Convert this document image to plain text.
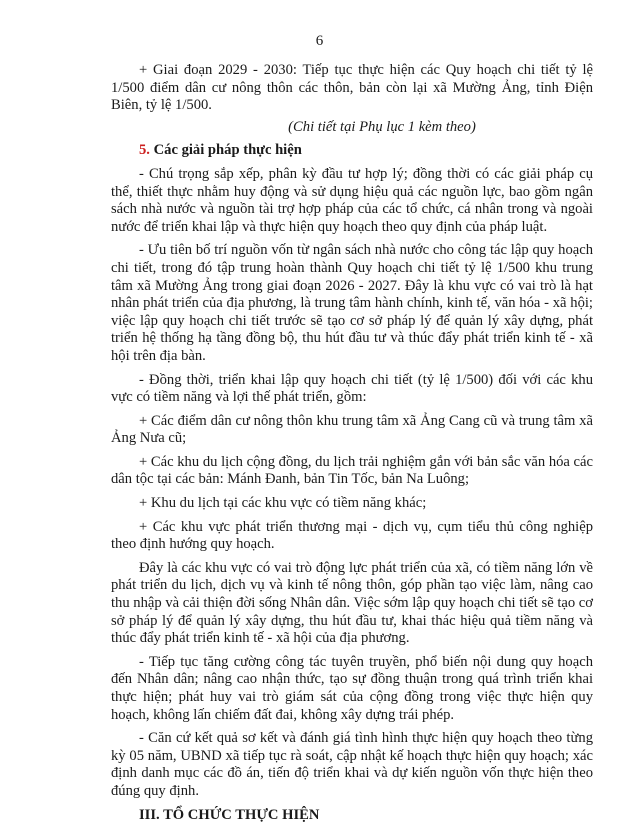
6

+ Giai đoạn 2029 - 2030: Tiếp tục thực hiện các Quy hoạch chi tiết tỷ lệ 1/500 điểm dân cư nông thôn các thôn, bản còn lại xã Mường Ảng, tỉnh Điện Biên, tỷ lệ 1/500.

(Chi tiết tại Phụ lục 1 kèm theo)
5. Các giải pháp thực hiện

- Chú trọng sắp xếp, phân kỳ đầu tư hợp lý; đồng thời có các giải pháp cụ thể, thiết thực nhằm huy động và sử dụng hiệu quả các nguồn lực, bao gồm ngân sách nhà nước và nguồn tài trợ hợp pháp của các tổ chức, cá nhân trong và ngoài nước để triển khai lập và thực hiện quy hoạch theo quy định của pháp luật.

- Ưu tiên bố trí nguồn vốn từ ngân sách nhà nước cho công tác lập quy hoạch chi tiết, trong đó tập trung hoàn thành Quy hoạch chi tiết tỷ lệ 1/500 khu trung tâm xã Mường Ảng trong giai đoạn 2026 - 2027. Đây là khu vực có vai trò là hạt nhân phát triển của địa phương, là trung tâm hành chính, kinh tế, văn hóa - xã hội; việc lập quy hoạch chi tiết trước sẽ tạo cơ sở pháp lý để quản lý xây dựng, phát triển hệ thống hạ tầng đồng bộ, thu hút đầu tư và thúc đẩy phát triển kinh tế - xã hội trên địa bàn.

- Đồng thời, triển khai lập quy hoạch chi tiết (tỷ lệ 1/500) đối với các khu vực có tiềm năng và lợi thế phát triển, gồm:

+ Các điểm dân cư nông thôn khu trung tâm xã Ảng Cang cũ và trung tâm xã Ảng Nưa cũ;

+ Các khu du lịch cộng đồng, du lịch trải nghiệm gắn với bản sắc văn hóa các dân tộc tại các bản: Mánh Đanh, bản Tin Tốc, bản Na Luông;

+ Khu du lịch tại các khu vực có tiềm năng khác;

+ Các khu vực phát triển thương mại - dịch vụ, cụm tiểu thủ công nghiệp theo định hướng quy hoạch.

Đây là các khu vực có vai trò động lực phát triển của xã, có tiềm năng lớn về phát triển du lịch, dịch vụ và kinh tế nông thôn, góp phần tạo việc làm, nâng cao thu nhập và cải thiện đời sống Nhân dân. Việc sớm lập quy hoạch chi tiết sẽ tạo cơ sở pháp lý để quản lý xây dựng, thu hút đầu tư, khai thác hiệu quả tiềm năng và thúc đẩy phát triển kinh tế - xã hội của địa phương.

- Tiếp tục tăng cường công tác tuyên truyền, phổ biến nội dung quy hoạch đến Nhân dân; nâng cao nhận thức, tạo sự đồng thuận trong quá trình triển khai thực hiện; phát huy vai trò giám sát của cộng đồng trong việc thực hiện quy hoạch, không lấn chiếm đất đai, không xây dựng trái phép.

- Căn cứ kết quả sơ kết và đánh giá tình hình thực hiện quy hoạch theo từng kỳ 05 năm, UBND xã tiếp tục rà soát, cập nhật kế hoạch thực hiện quy hoạch; xác định danh mục các đồ án, tiến độ triển khai và dự kiến nguồn vốn thực hiện theo đúng quy định.

III. TỔ CHỨC THỰC HIỆN
